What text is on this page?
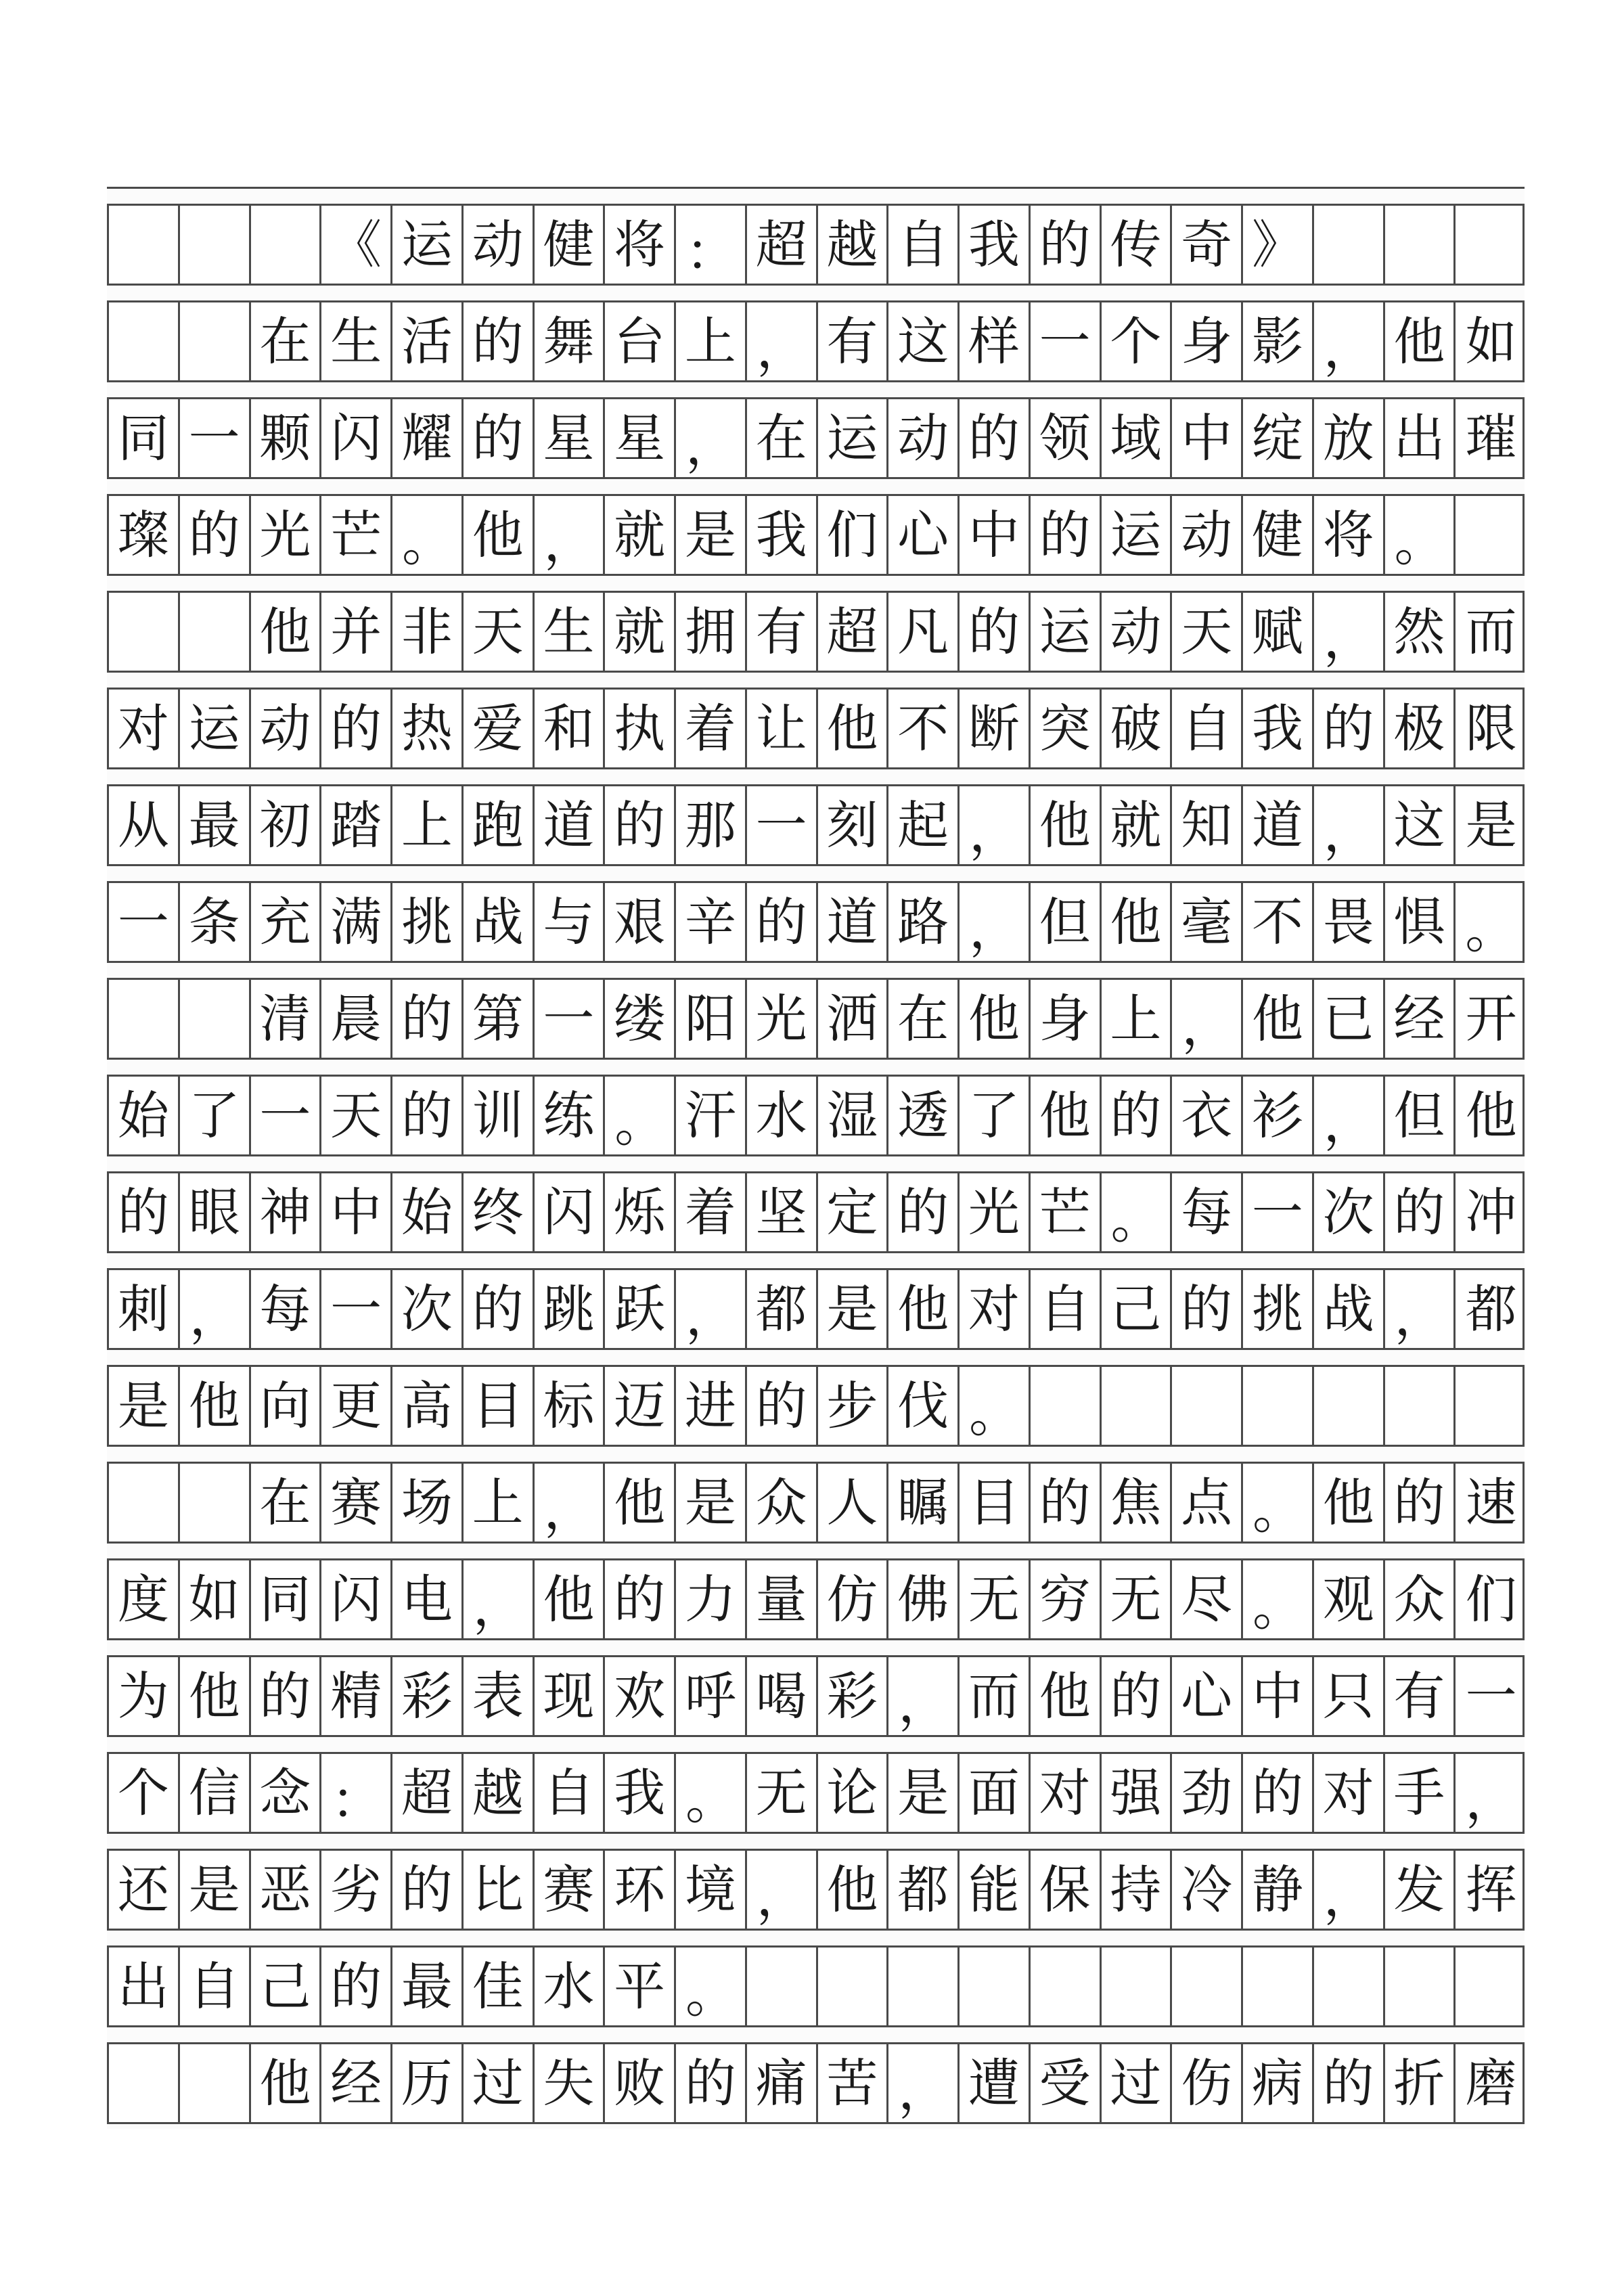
《 运 动 健 将 ： 超 越 自 我 的 传 奇 》
在 生 活 的 舞 台 上 ， 有 这 样 一 个 身 影 ， 他 如
同 一 颗 闪 耀 的 星 星 ， 在 运 动 的 领 域 中 绽 放 出 璀
璨 的 光 芒 。 他 ， 就 是 我 们 心 中 的 运 动 健 将 。
他 并 非 天 生 就 拥 有 超 凡 的 运 动 天 赋 ， 然 而
对 运 动 的 热 爱 和 执 着 让 他 不 断 突 破 自 我 的 极 限
从 最 初 踏 上 跑 道 的 那 一 刻 起 ， 他 就 知 道 ， 这 是
一 条 充 满 挑 战 与 艰 辛 的 道 路 ， 但 他 毫 不 畏 惧 。
清 晨 的 第 一 缕 阳 光 洒 在 他 身 上 ， 他 已 经 开
始 了 一 天 的 训 练 。 汗 水 湿 透 了 他 的 衣 衫 ， 但 他
的 眼 神 中 始 终 闪 烁 着 坚 定 的 光 芒 。 每 一 次 的 冲
刺 ， 每 一 次 的 跳 跃 ， 都 是 他 对 自 己 的 挑 战 ， 都
是 他 向 更 高 目 标 迈 进 的 步 伐 。
在 赛 场 上 ， 他 是 众 人 瞩 目 的 焦 点 。 他 的 速
度 如 同 闪 电 ， 他 的 力 量 仿 佛 无 穷 无 尽 。 观 众 们
为 他 的 精 彩 表 现 欢 呼 喝 彩 ， 而 他 的 心 中 只 有 一
个 信 念 ： 超 越 自 我 。 无 论 是 面 对 强 劲 的 对 手 ，
还 是 恶 劣 的 比 赛 环 境 ， 他 都 能 保 持 冷 静 ， 发 挥
出 自 己 的 最 佳 水 平 。
他 经 历 过 失 败 的 痛 苦 ， 遭 受 过 伤 病 的 折 磨
